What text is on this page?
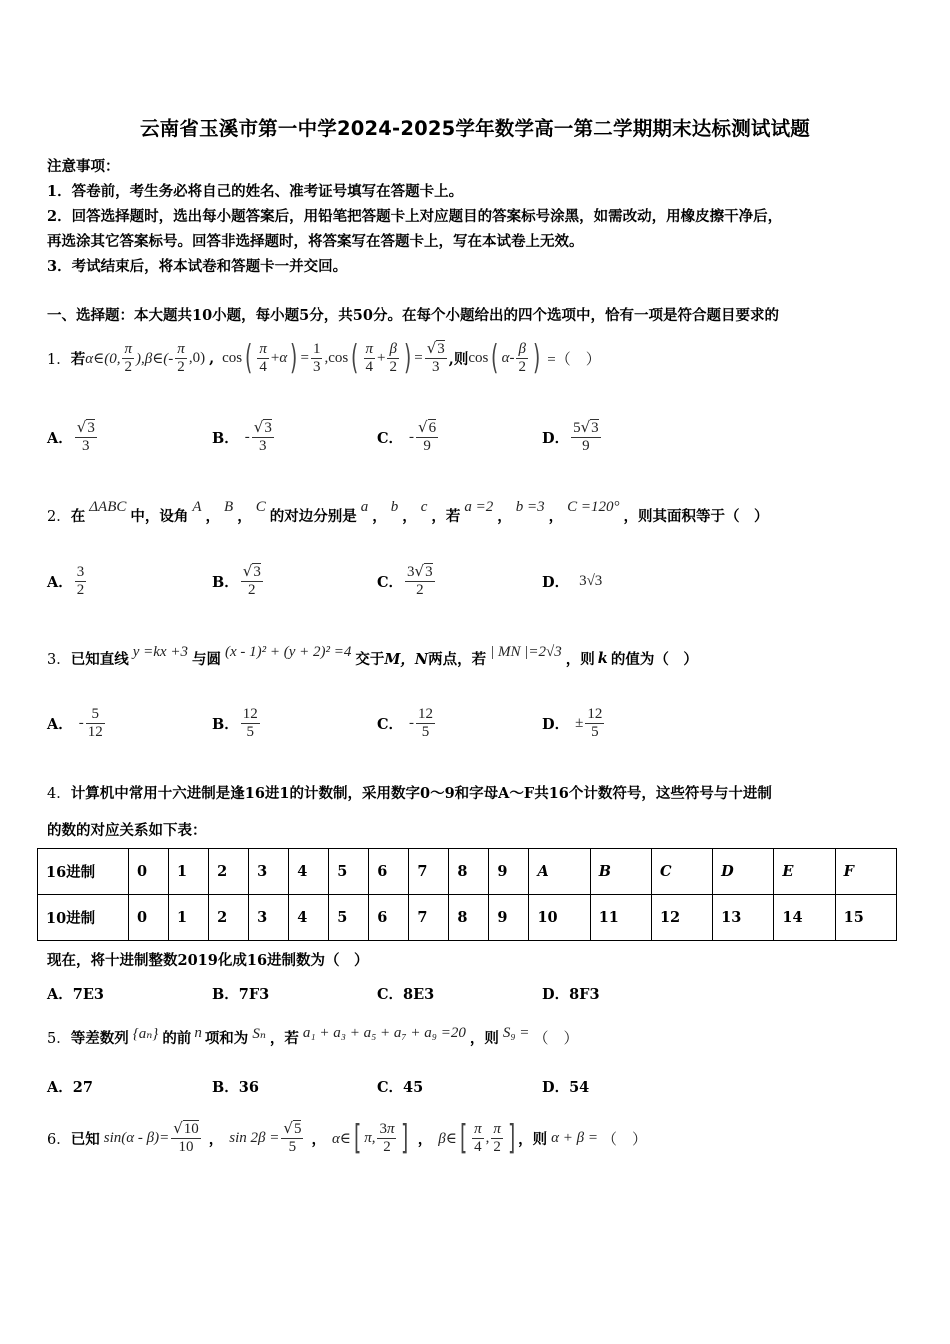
云南省玉溪市第一中学2024-2025学年数学高一第二学期期末达标测试试题
注意事项：
1．答卷前，考生务必将自己的姓名、准考证号填写在答题卡上。
2．回答选择题时，选出每小题答案后，用铅笔把答题卡上对应题目的答案标号涂黑，如需改动，用橡皮擦干净后，
再选涂其它答案标号。回答非选择题时，将答案写在答题卡上，写在本试卷上无效。
3．考试结束后，将本试卷和答题卡一并交回。
一、选择题：本大题共10小题，每小题5分，共50分。在每个小题给出的四个选项中，恰有一项是符合题目要求的
1． 若 α∈(0, $\frac{\pi}{2}$ ),β∈(- $\frac{\pi}{2} ,0$) , cos ( $\frac{\pi}{4} + \alpha$ ) = $\frac{1}{3} ,\cos$ ( $\frac{\pi}{4} + \frac{\beta}{2}$ ) = $\frac{√3}{3}$ ,则 cos ( α - $\frac{\beta}{2}$ ) =（　）
A． $\frac{√3}{3}$	B． - $\frac{√3}{3}$	C． - $\frac{√6}{9}$	D． $\frac{5√3}{9}$
2． 在
ΔABC
中，设角
A
，
B
，
C
的对边分别是
a
，
b
，
c
，若
a =2
，
b =3
，
C =120°
，则其面积等于（　）
A． $\frac{3}{2}$	B． $\frac{√3}{2}$	C． $\frac{3√3}{2}$	D． 3√3
3． 已知直线 y =kx +3 与圆 (x - 1)² + (y + 2)² =4 交于 M，N 两点，若 | MN |=2√3 ，则 k 的值为（　）
A． - $\frac{5}{12}$	B． $\frac{12}{5}$	C． - $\frac{12}{5}$	D． ± $\frac{12}{5}$
4．计算机中常用十六进制是逢16进1的计数制，采用数字0～9和字母A～F共16个计数符号，这些符号与十进制
的数的对应关系如下表：
16进制	0	1	2	3	4	5	6	7	8	9	A	B	C	D	E	F
10进制	0	1	2	3	4	5	6	7	8	9	10	11	12	13	14	15
现在，将十进制整数2019化成16进制数为（　）
A．7E3	B．7F3	C．8E3	D．8F3
5． 等差数列 {aₙ} 的前 n 项和为 Sₙ ，若 a₁ + a₃ + a₅ + a₇ + a₉ =20 ，则 S₉ = （　）
A．27	B．36	C．45	D．54
6． 已知 $\sin(\alpha - \beta)= \frac{√10}{10}$ ， $\sin 2\beta = \frac{√5}{5}$ ， α∈ [ π, $\frac{3\pi}{2}$ ] ， β∈ [ $\frac{\pi}{4}$ , $\frac{\pi}{2}$ ] ，则 α + β = （　）
